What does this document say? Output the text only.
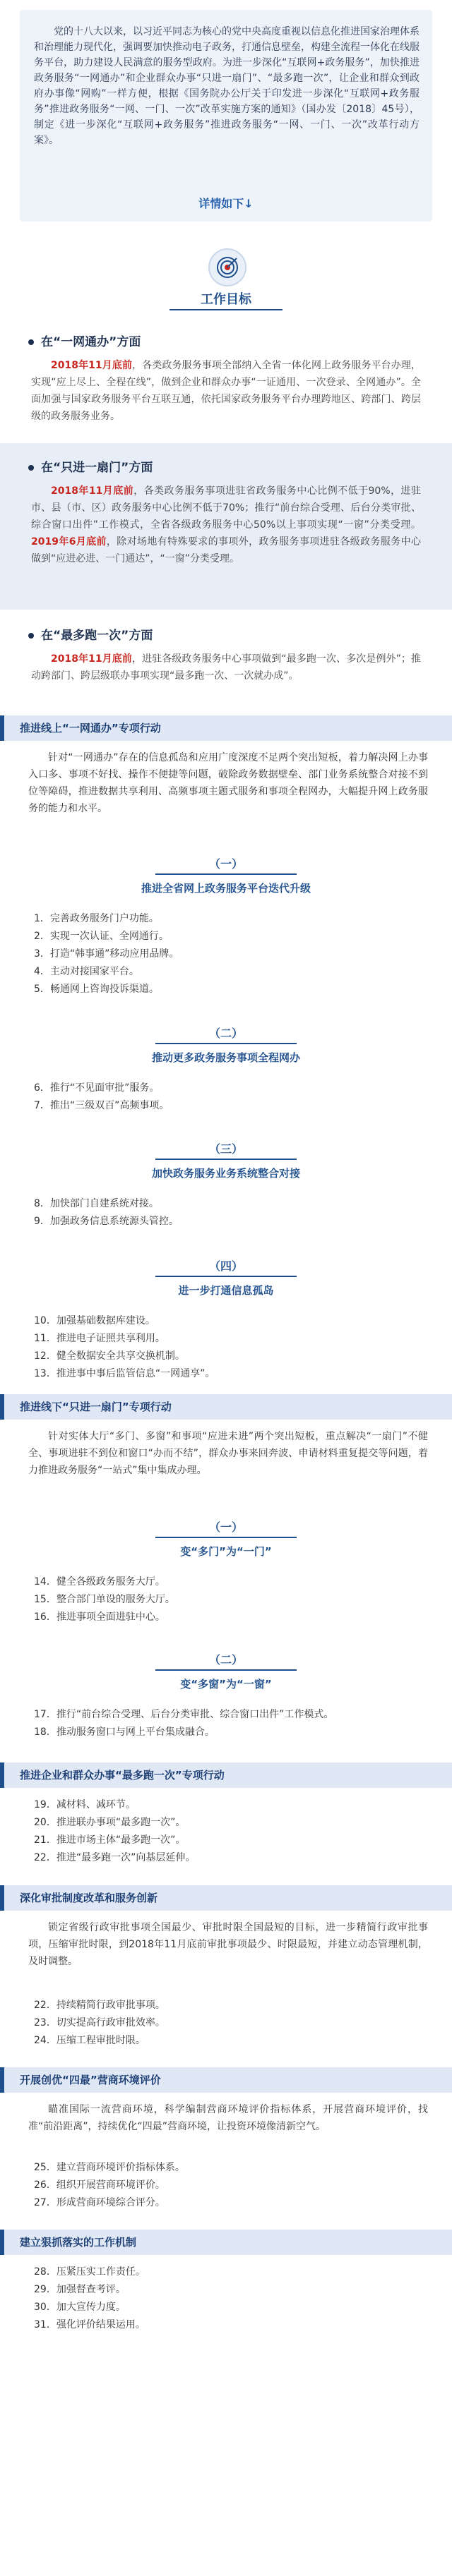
党的十八大以来，以习近平同志为核心的党中央高度重视以信息化推进国家治理体系和治理能力现代化，强调要加快推动电子政务，打通信息壁垒，构建全流程一体化在线服务平台，助力建设人民满意的服务型政府。为进一步深化“互联网+政务服务”，加快推进政务服务“一网通办”和企业群众办事“只进一扇门”、“最多跑一次”，让企业和群众到政府办事像“网购”一样方便，根据《国务院办公厅关于印发进一步深化“互联网+政务服务”推进政务服务“一网、一门、一次”改革实施方案的通知》（国办发〔2018〕45号），制定《进一步深化“互联网+政务服务”推进政务服务“一网、一门、一次”改革行动方案》。
详情如下↓
工作目标
在“一网通办”方面
2018年11月底前，各类政务服务事项全部纳入全省一体化网上政务服务平台办理，实现“应上尽上、全程在线”，做到企业和群众办事“一证通用、一次登录、全网通办”。全面加强与国家政务服务平台互联互通，依托国家政务服务平台办理跨地区、跨部门、跨层级的政务服务业务。
在“只进一扇门”方面
2018年11月底前，各类政务服务事项进驻省政务服务中心比例不低于90%，进驻市、县（市、区）政务服务中心比例不低于70%；推行“前台综合受理、后台分类审批、综合窗口出件”工作模式，全省各级政务服务中心50%以上事项实现“一窗”分类受理。2019年6月底前，除对场地有特殊要求的事项外，政务服务事项进驻各级政务服务中心做到“应进必进、一门通达”，“一窗”分类受理。
在“最多跑一次”方面
2018年11月底前，进驻各级政务服务中心事项做到“最多跑一次、多次是例外”；推动跨部门、跨层级联办事项实现“最多跑一次、一次就办成”。
推进线上“一网通办”专项行动
针对“一网通办”存在的信息孤岛和应用广度深度不足两个突出短板，着力解决网上办事入口多、事项不好找、操作不便捷等问题，破除政务数据壁垒、部门业务系统整合对接不到位等障碍，推进数据共享利用、高频事项主题式服务和事项全程网办，大幅提升网上政务服务的能力和水平。
（一）
推进全省网上政务服务平台迭代升级
1．完善政务服务门户功能。
2．实现一次认证、全网通行。
3．打造“韩事通”移动应用品牌。
4．主动对接国家平台。
5．畅通网上咨询投诉渠道。
（二）
推动更多政务服务事项全程网办
6．推行“不见面审批”服务。
7．推出“三级双百”高频事项。
（三）
加快政务服务业务系统整合对接
8．加快部门自建系统对接。
9．加强政务信息系统源头管控。
（四）
进一步打通信息孤岛
10．加强基础数据库建设。
11．推进电子证照共享利用。
12．健全数据安全共享交换机制。
13．推进事中事后监管信息“一网通享”。
推进线下“只进一扇门”专项行动
针对实体大厅“多门、多窗”和事项“应进未进”两个突出短板，重点解决“一扇门”不健全、事项进驻不到位和窗口“办而不结”，群众办事来回奔波、申请材料重复提交等问题，着力推进政务服务“一站式”集中集成办理。
（一）
变“多门”为“一门”
14．健全各级政务服务大厅。
15．整合部门单设的服务大厅。
16．推进事项全面进驻中心。
（二）
变“多窗”为“一窗”
17．推行“前台综合受理、后台分类审批、综合窗口出件”工作模式。
18．推动服务窗口与网上平台集成融合。
推进企业和群众办事“最多跑一次”专项行动
19．减材料、减环节。
20．推进联办事项“最多跑一次”。
21．推进市场主体“最多跑一次”。
22．推进“最多跑一次”向基层延伸。
深化审批制度改革和服务创新
锁定省级行政审批事项全国最少、审批时限全国最短的目标，进一步精简行政审批事项，压缩审批时限，到2018年11月底前审批事项最少、时限最短，并建立动态管理机制，及时调整。
22．持续精简行政审批事项。
23．切实提高行政审批效率。
24．压缩工程审批时限。
开展创优“四最”营商环境评价
瞄准国际一流营商环境，科学编制营商环境评价指标体系，开展营商环境评价，找准“前沿距离”，持续优化“四最”营商环境，让投资环境像清新空气。
25．建立营商环境评价指标体系。
26．组织开展营商环境评价。
27．形成营商环境综合评分。
建立狠抓落实的工作机制
28．压紧压实工作责任。
29．加强督查考评。
30．加大宣传力度。
31．强化评价结果运用。
